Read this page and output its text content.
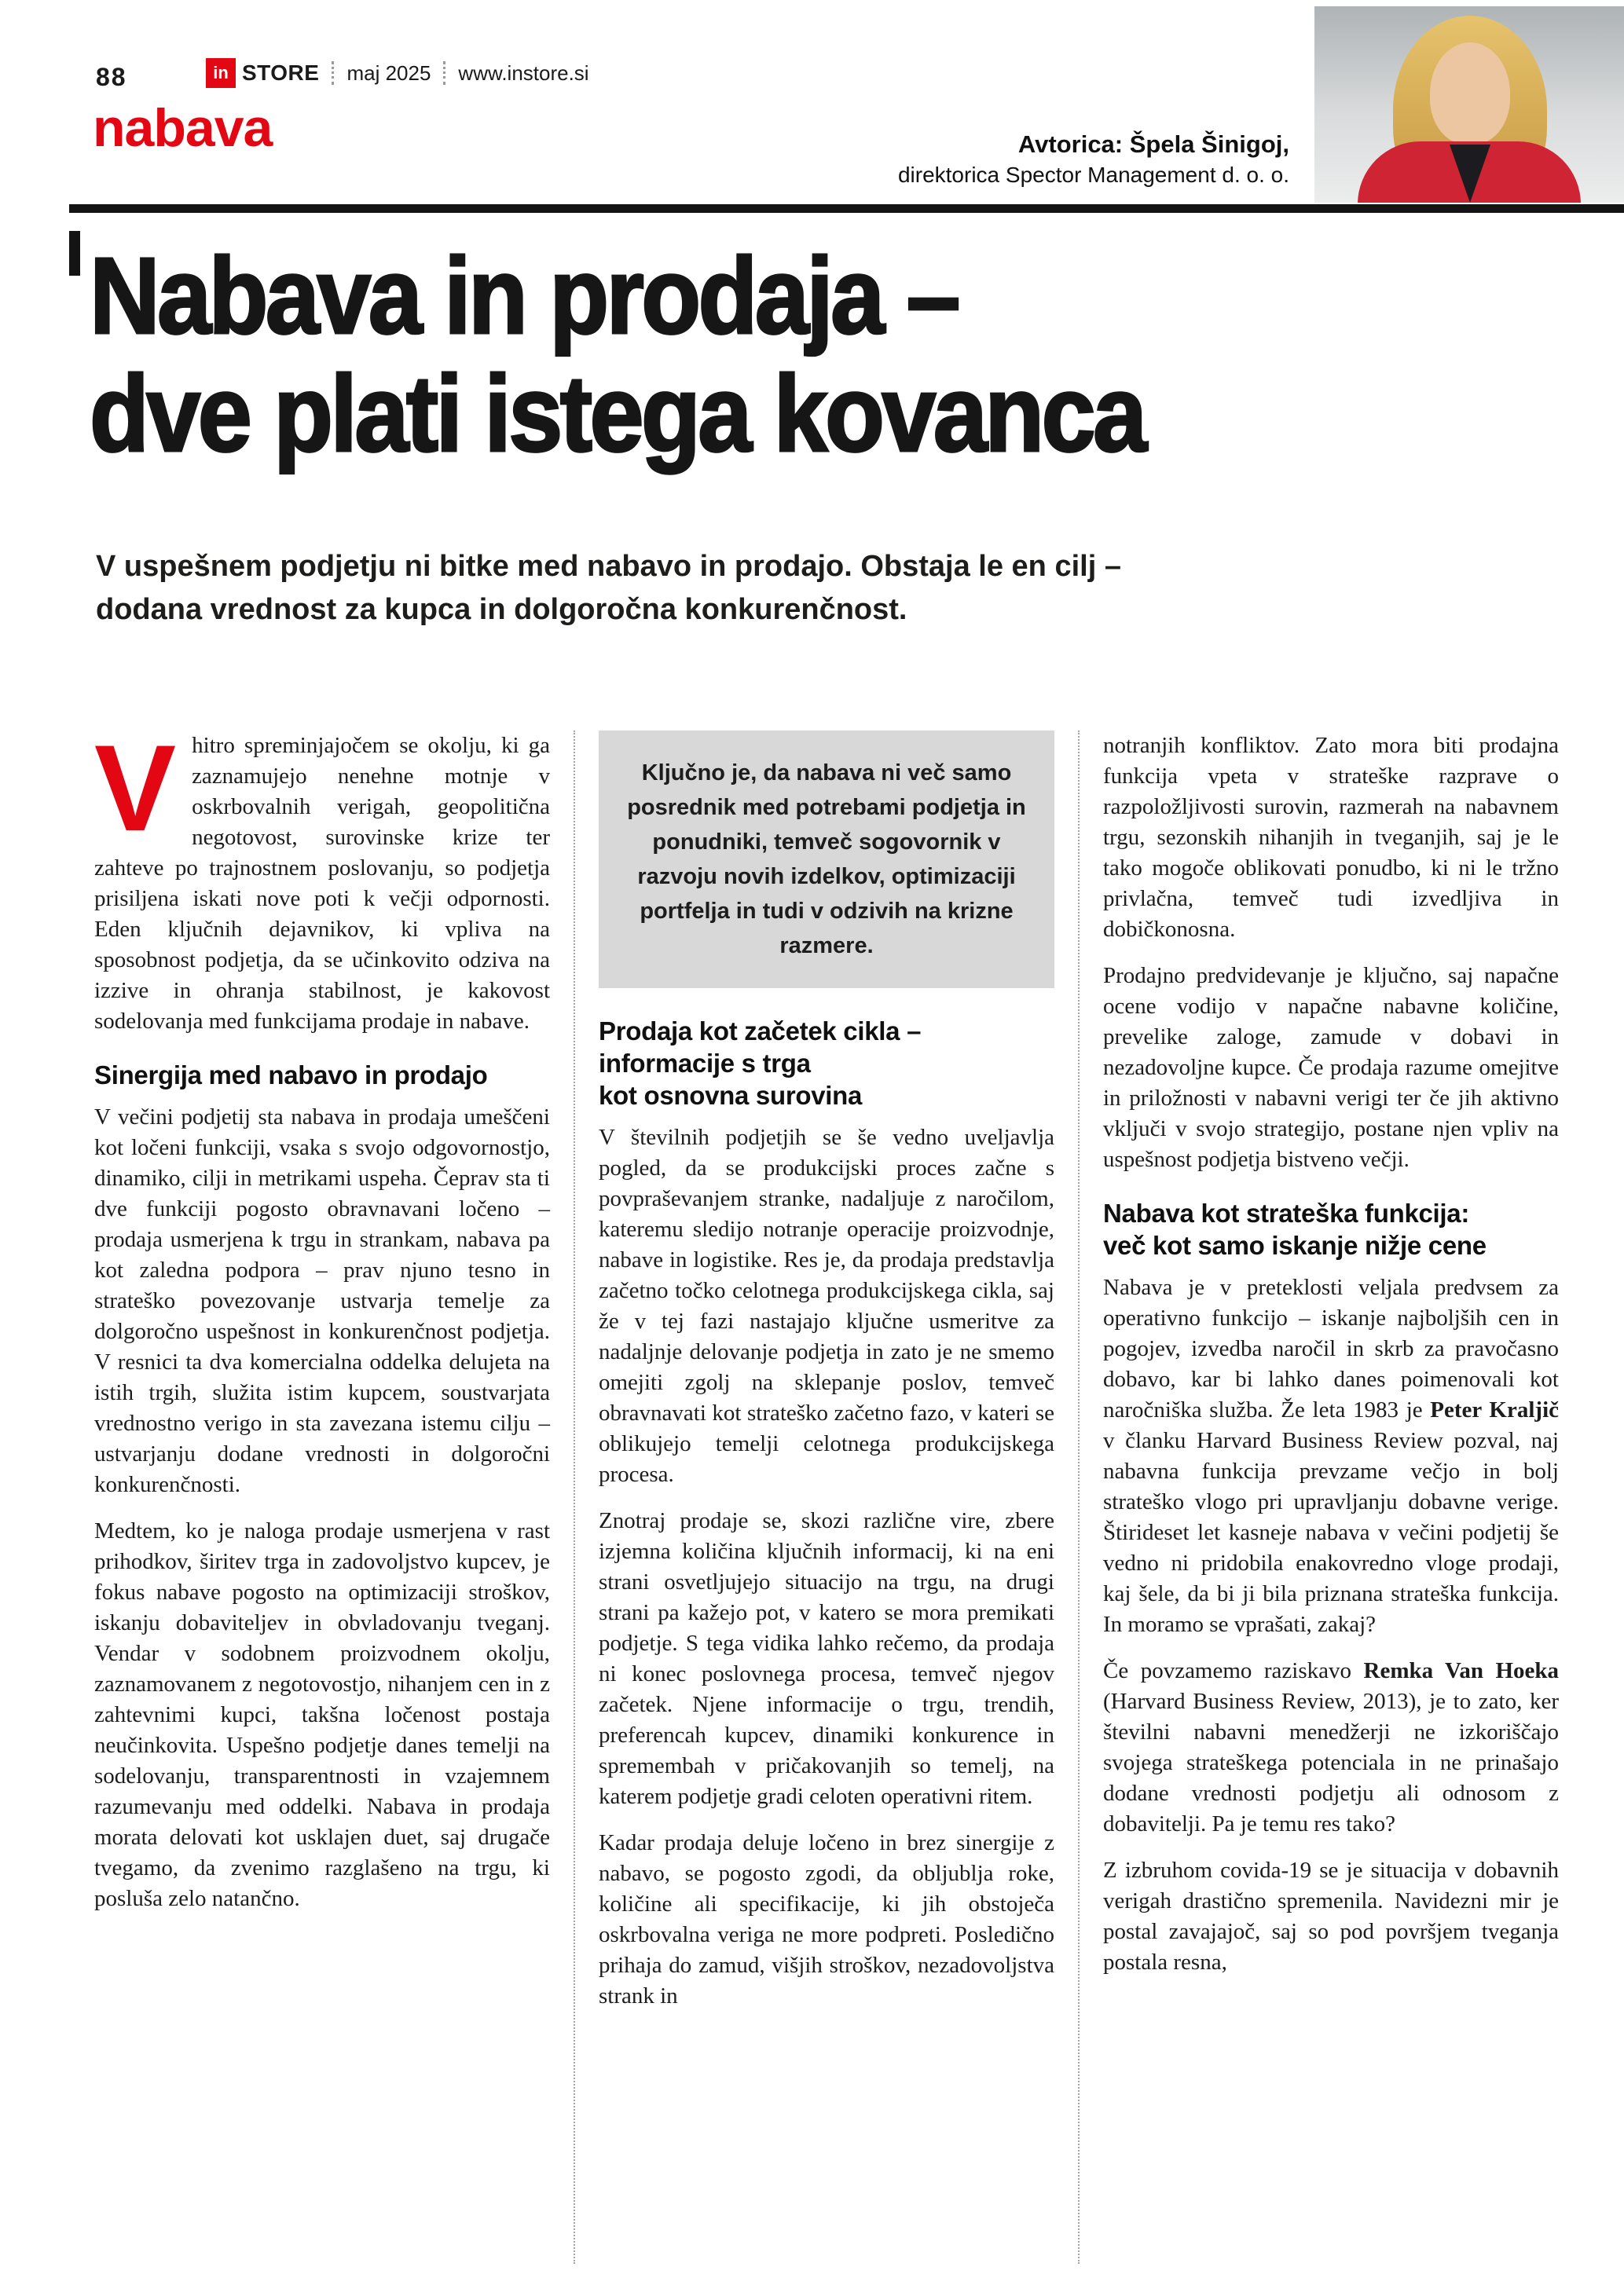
88	in STORE maj 2025 www.instore.si
nabava	Avtorica: Špela Šinigoj,
direktorica Spector Management d. o. o.
Nabava in prodaja –
dve plati istega kovanca
V uspešnem podjetju ni bitke med nabavo in prodajo. Obstaja le en cilj –
dodana vrednost za kupca in dolgoročna konkurenčnost.

Vhitro spreminjajočem se okolju, ki ga zaznamujejo nenehne motnje v oskrbovalnih verigah, geopolitična negotovost, surovinske krize ter zahteve po trajnostnem poslovanju, so podjetja prisiljena iskati nove poti k večji odpornosti. Eden ključnih dejavnikov, ki vpliva na sposobnost podjetja, da se učinkovito odziva na izzive in ohranja stabilnost, je kakovost sodelovanja med funkcijama prodaje in nabave.

Sinergija med nabavo in prodajo

V večini podjetij sta nabava in prodaja umeščeni kot ločeni funkciji, vsaka s svojo odgovornostjo, dinamiko, cilji in metrikami uspeha. Čeprav sta ti dve funkciji pogosto obravnavani ločeno – prodaja usmerjena k trgu in strankam, nabava pa kot zaledna podpora – prav njuno tesno in strateško povezovanje ustvarja temelje za dolgoročno uspešnost in konkurenčnost podjetja. V resnici ta dva komercialna oddelka delujeta na istih trgih, služita istim kupcem, soustvarjata vrednostno verigo in sta zavezana istemu cilju – ustvarjanju dodane vrednosti in dolgoročni konkurenčnosti.

Medtem, ko je naloga prodaje usmerjena v rast prihodkov, širitev trga in zadovoljstvo kupcev, je fokus nabave pogosto na optimizaciji stroškov, iskanju dobaviteljev in obvladovanju tveganj. Vendar v sodobnem proizvodnem okolju, zaznamovanem z negotovostjo, nihanjem cen in z zahtevnimi kupci, takšna ločenost postaja neučinkovita. Uspešno podjetje danes temelji na sodelovanju, transparentnosti in vzajemnem razumevanju med oddelki. Nabava in prodaja morata delovati kot usklajen duet, saj drugače tvegamo, da zvenimo razglašeno na trgu, ki posluša zelo natančno.

Ključno je, da nabava ni več samo posrednik med potrebami podjetja in ponudniki, temveč sogovornik v razvoju novih izdelkov, optimizaciji portfelja in tudi v odzivih na krizne razmere.
Prodaja kot začetek cikla –
informacije s trga
kot osnovna surovina

V številnih podjetjih se še vedno uveljavlja pogled, da se produkcijski proces začne s povpraševanjem stranke, nadaljuje z naročilom, kateremu sledijo notranje operacije proizvodnje, nabave in logistike. Res je, da prodaja predstavlja začetno točko celotnega produkcijskega cikla, saj že v tej fazi nastajajo ključne usmeritve za nadaljnje delovanje podjetja in zato je ne smemo omejiti zgolj na sklepanje poslov, temveč obravnavati kot strateško začetno fazo, v kateri se oblikujejo temelji celotnega produkcijskega procesa.

Znotraj prodaje se, skozi različne vire, zbere izjemna količina ključnih informacij, ki na eni strani osvetljujejo situacijo na trgu, na drugi strani pa kažejo pot, v katero se mora premikati podjetje. S tega vidika lahko rečemo, da prodaja ni konec poslovnega procesa, temveč njegov začetek. Njene informacije o trgu, trendih, preferencah kupcev, dinamiki konkurence in spremembah v pričakovanjih so temelj, na katerem podjetje gradi celoten operativni ritem.

Kadar prodaja deluje ločeno in brez sinergije z nabavo, se pogosto zgodi, da obljublja roke, količine ali specifikacije, ki jih obstoječa oskrbovalna veriga ne more podpreti. Posledično prihaja do zamud, višjih stroškov, nezadovoljstva strank in

notranjih konfliktov. Zato mora biti prodajna funkcija vpeta v strateške razprave o razpoložljivosti surovin, razmerah na nabavnem trgu, sezonskih nihanjih in tveganjih, saj je le tako mogoče oblikovati ponudbo, ki ni le tržno privlačna, temveč tudi izvedljiva in dobičkonosna.

Prodajno predvidevanje je ključno, saj napačne ocene vodijo v napačne nabavne količine, prevelike zaloge, zamude v dobavi in nezadovoljne kupce. Če prodaja razume omejitve in priložnosti v nabavni verigi ter če jih aktivno vključi v svojo strategijo, postane njen vpliv na uspešnost podjetja bistveno večji.

Nabava kot strateška funkcija:
več kot samo iskanje nižje cene

Nabava je v preteklosti veljala predvsem za operativno funkcijo – iskanje najboljših cen in pogojev, izvedba naročil in skrb za pravočasno dobavo, kar bi lahko danes poimenovali kot naročniška služba. Že leta 1983 je Peter Kraljič v članku Harvard Business Review pozval, naj nabavna funkcija prevzame večjo in bolj strateško vlogo pri upravljanju dobavne verige. Štirideset let kasneje nabava v večini podjetij še vedno ni pridobila enakovredno vloge prodaji, kaj šele, da bi ji bila priznana strateška funkcija. In moramo se vprašati, zakaj?

Če povzamemo raziskavo Remka Van Hoeka (Harvard Business Review, 2013), je to zato, ker številni nabavni menedžerji ne izkoriščajo svojega strateškega potenciala in ne prinašajo dodane vrednosti podjetju ali odnosom z dobavitelji. Pa je temu res tako?

Z izbruhom covida-19 se je situacija v dobavnih verigah drastično spremenila. Navidezni mir je postal zavajajoč, saj so pod površjem tveganja postala resna,
